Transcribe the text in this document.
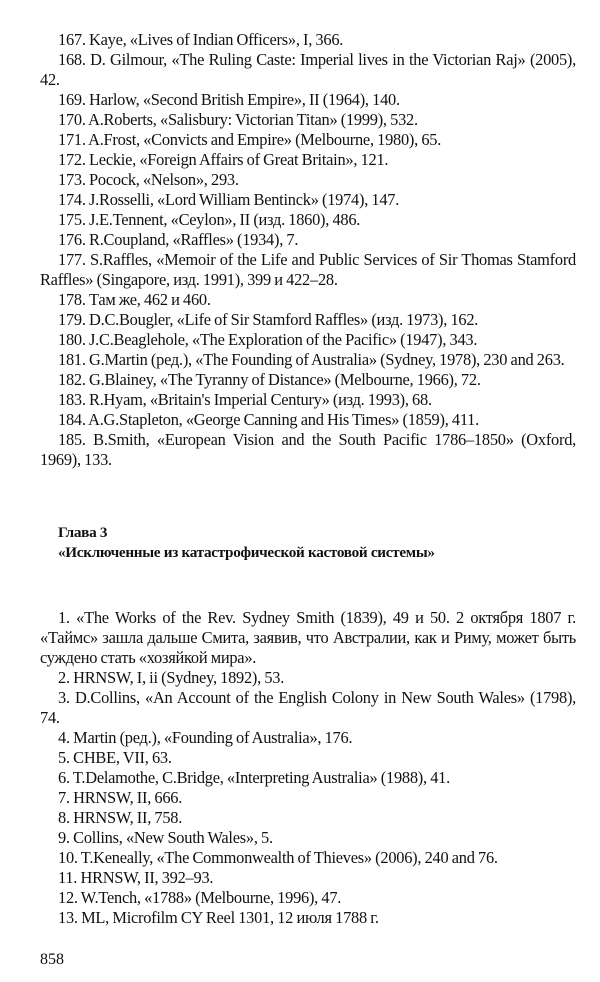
167. Kaye, «Lives of Indian Officers», I, 366.

168. D. Gilmour, «The Ruling Caste: Imperial lives in the Victorian Raj» (2005), 42.

169. Harlow, «Second British Empire», II (1964), 140.

170. A.Roberts, «Salisbury: Victorian Titan» (1999), 532.

171. A.Frost, «Convicts and Empire» (Melbourne, 1980), 65.

172. Leckie, «Foreign Affairs of Great Britain», 121.

173. Pocock, «Nelson», 293.

174. J.Rosselli, «Lord William Bentinck» (1974), 147.

175. J.E.Tennent, «Ceylon», II (изд. 1860), 486.

176. R.Coupland, «Raffles» (1934), 7.

177. S.Raffles, «Memoir of the Life and Public Services of Sir Thomas Stamford Raffles» (Singapore, изд. 1991), 399 и 422–28.

178. Там же, 462 и 460.

179. D.C.Bougler, «Life of Sir Stamford Raffles» (изд. 1973), 162.

180. J.C.Beaglehole, «The Exploration of the Pacific» (1947), 343.

181. G.Martin (ред.), «The Founding of Australia» (Sydney, 1978), 230 and 263.

182. G.Blainey, «The Tyranny of Distance» (Melbourne, 1966), 72.

183. R.Hyam, «Britain's Imperial Century» (изд. 1993), 68.

184. A.G.Stapleton, «George Canning and His Times» (1859), 411.

185. B.Smith, «European Vision and the South Pacific 1786–1850» (Oxford, 1969), 133.

Глава 3
«Исключенные из катастрофической кастовой системы»

1. «The Works of the Rev. Sydney Smith (1839), 49 и 50. 2 октября 1807 г. «Таймс» зашла дальше Смита, заявив, что Австралии, как и Риму, может быть суждено стать «хозяйкой мира».

2. HRNSW, I, ii (Sydney, 1892), 53.

3. D.Collins, «An Account of the English Colony in New South Wales» (1798), 74.

4. Martin (ред.), «Founding of Australia», 176.

5. CHBE, VII, 63.

6. T.Delamothe, C.Bridge, «Interpreting Australia» (1988), 41.

7. HRNSW, II, 666.

8. HRNSW, II, 758.

9. Collins, «New South Wales», 5.

10. T.Keneally, «The Commonwealth of Thieves» (2006), 240 and 76.

11. HRNSW, II, 392–93.

12. W.Tench, «1788» (Melbourne, 1996), 47.

13. ML, Microfilm CY Reel 1301, 12 июля 1788 г.

858
